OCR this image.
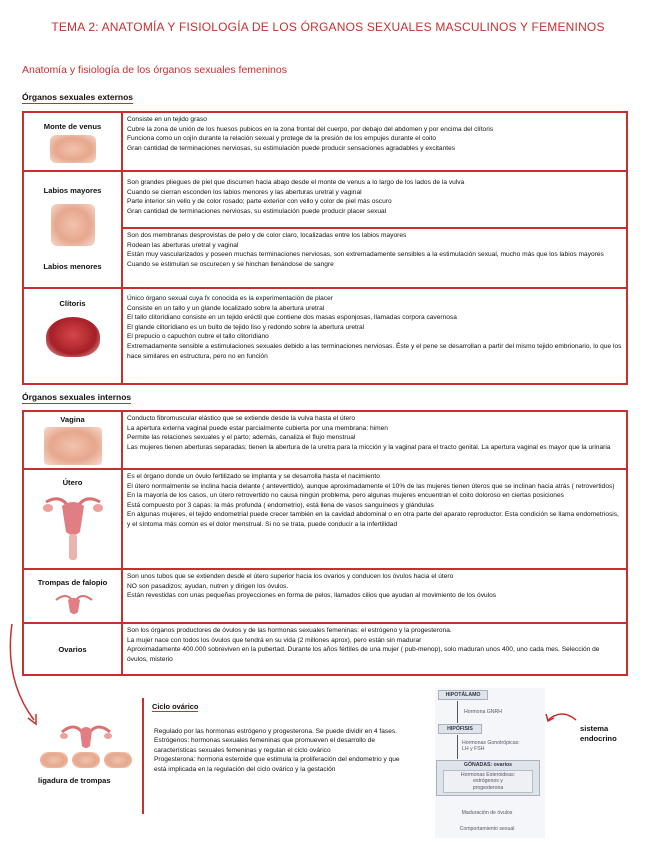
TEMA 2: ANATOMÍA Y FISIOLOGÍA DE LOS ÓRGANOS SEXUALES MASCULINOS Y FEMENINOS
Anatomía y fisiología de los órganos sexuales femeninos
Órganos sexuales externos
Monte de venus
Consiste en un tejido graso
Cubre la zona de unión de los huesos pubicos en la zona frontal del cuerpo, por debajo del abdomen y por encima del clítoris
Funciona como un cojín durante la relación sexual y protege de la presión de los empujes durante el coito
Gran cantidad de terminaciones nerviosas, su estimulación puede producir sensaciones agradables y excitantes
Labios mayores
Labios menores
Son grandes pliegues de piel que discurren hacia abajo desde el monte de venus a lo largo de los lados de la vulva
Cuando se cierran esconden los labios menores y las aberturas uretral y vaginal
Parte interior sin vello y de color rosado; parte exterior con vello y color de piel más oscuro
Gran cantidad de terminaciones nerviosas, su estimulación puede producir placer sexual
Son dos membranas desprovistas de pelo y de color claro, localizadas entre los labios mayores
Rodean las aberturas uretral y vaginal
Están muy vascularizados y poseen muchas terminaciones nerviosas, son extremadamente sensibles a la estimulación sexual, mucho más que los labios mayores
Cuando se estimulan se oscurecen y se hinchan llenándose de sangre
Clítoris
Único órgano sexual cuya fx conocida es la experimentación de placer
Consiste en un tallo y un glande localizado sobre la abertura uretral
El tallo clitorídiano consiste en un tejido eréctil que contiene dos masas esponjosas, llamadas corpora cavernosa
El glande clitorídiano es un bulto de tejido liso y redondo sobre la abertura uretral
El prepucio o capuchón cubre el tallo clitorídiano
Extremadamente sensible a estimulaciones sexuales debido a las terminaciones nerviosas. Éste y el pene se desarrollan a partir del mismo tejido embrionario, lo que los hace similares en estructura, pero no en función
Órganos sexuales internos
Vagina	Conducto fibromuscular elástico que se extiende desde la vulva hasta el útero
La apertura externa vaginal puede estar parcialmente cubierta por una membrana: himen
Permite las relaciones sexuales y el parto; además, canaliza el flujo menstrual
Las mujeres tienen aberturas separadas; tienen la abertura de la uretra para la micción y la vaginal para el tracto genital. La apertura vaginal es mayor que la urinaria
Útero
Es el órgano donde un óvulo fertilizado se implanta y se desarrolla hasta el nacimiento
El útero normalmente se inclina hacia delante ( anteverttido), aunque aproximadamente el 10% de las mujeres tienen úteros que se inclinan hacia atrás ( retrovertidos)
En la mayoría de los casos, un útero retrovertido no causa ningún problema, pero algunas mujeres encuentran el coito doloroso en ciertas posiciones
Está compuesto por 3 capas: la más profunda ( endometrio), está llena de vasos sanguíneos y glándulas
En algunas mujeres, el tejido endometrial puede crecer también en la cavidad abdominal o en otra parte del aparato reproductor. Esta condición se llama endometriosis, y el síntoma más común es el dolor menstrual. Si no se trata, puede conducir a la infertilidad
Trompas de falopio
Son unos tubos que se extienden desde el útero superior hacia los ovarios y conducen los óvulos hacia el útero
NO son pasadizos; ayudan, nutren y dirigen los óvulos.
Están revestidas con unas pequeñas proyecciones en forma de pelos, llamados cilios que ayudan al movimiento de los óvulos
Ovarios
Son los órganos productores de óvulos y de las hormonas sexuales femeninas: el estrógeno y la progesterona.
La mujer nace con todos los óvulos que tendrá en su vida (2 millones aprox), pero están sin madurar
Aproximadamente 400.000 sobreviven en la pubertad. Durante los años fértiles de una mujer ( pub-menop), solo maduran unos 400, uno cada mes. Selección de óvulos, misterio
ligadura de trompas
Ciclo ovárico
Regulado por las hormonas estrógeno y progesterona. Se puede dividir en 4 fases.
Estrógenos: hormonas sexuales femeninas que promueven el desarrollo de características sexuales femeninas y regulan el ciclo ovárico
Progesterona: hormona esteroide que estimula la proliferación del endometrio y que está implicada en la regulación del ciclo ovárico y la gestación
HIPOTÁLAMO
Hormona GNRH
HIPÓFISIS
Hormonas Gonotrópicas:
LH y FSH
GÓNADAS: ovarios
Hormonas Esteroideas:
estrógenos y
progesterona
Maduración de óvulos
Comportamiento sexual
sistema
endocrino
